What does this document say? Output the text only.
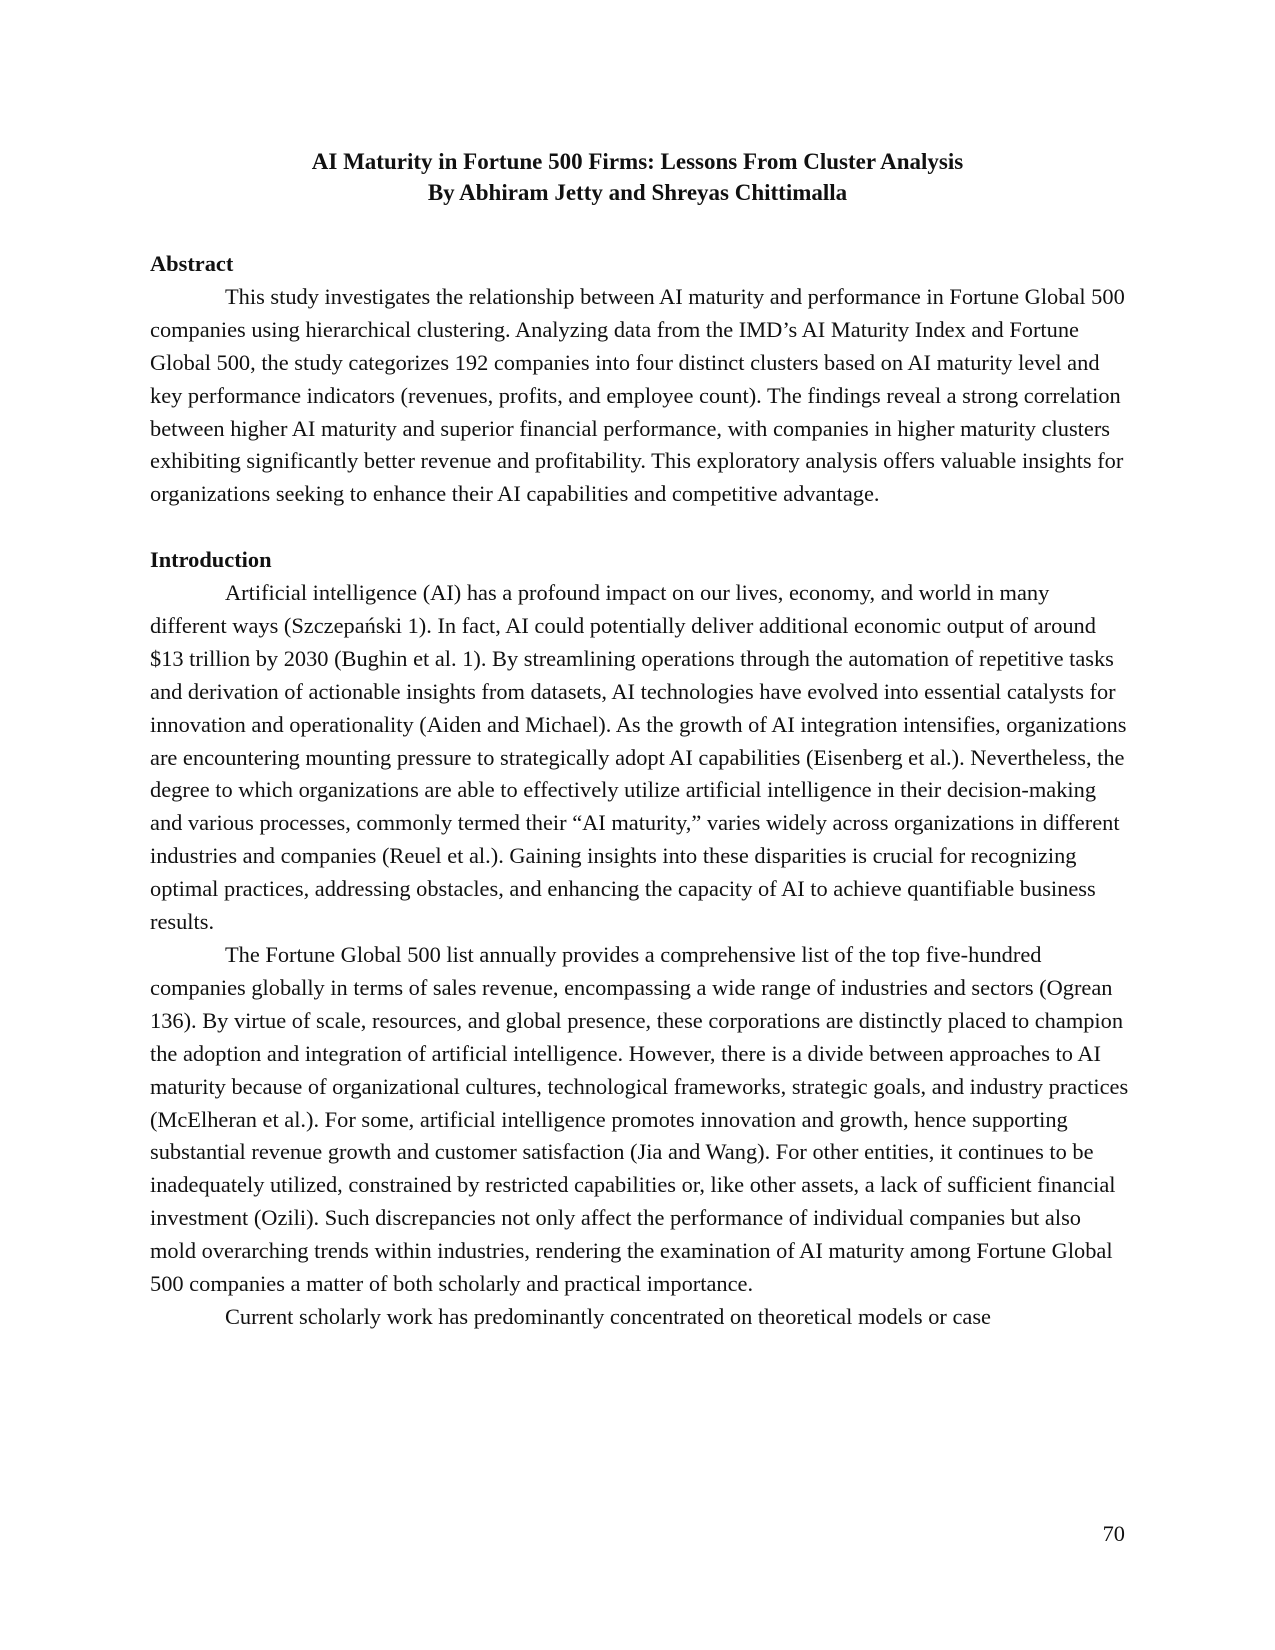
AI Maturity in Fortune 500 Firms: Lessons From Cluster Analysis
By Abhiram Jetty and Shreyas Chittimalla

Abstract

This study investigates the relationship between AI maturity and performance in Fortune Global 500 companies using hierarchical clustering. Analyzing data from the IMD’s AI Maturity Index and Fortune Global 500, the study categorizes 192 companies into four distinct clusters based on AI maturity level and key performance indicators (revenues, profits, and employee count). The findings reveal a strong correlation between higher AI maturity and superior financial performance, with companies in higher maturity clusters exhibiting significantly better revenue and profitability. This exploratory analysis offers valuable insights for organizations seeking to enhance their AI capabilities and competitive advantage.

Introduction

Artificial intelligence (AI) has a profound impact on our lives, economy, and world in many different ways (Szczepański 1). In fact, AI could potentially deliver additional economic output of around $13 trillion by 2030 (Bughin et al. 1). By streamlining operations through the automation of repetitive tasks and derivation of actionable insights from datasets, AI technologies have evolved into essential catalysts for innovation and operationality (Aiden and Michael). As the growth of AI integration intensifies, organizations are encountering mounting pressure to strategically adopt AI capabilities (Eisenberg et al.). Nevertheless, the degree to which organizations are able to effectively utilize artificial intelligence in their decision-making and various processes, commonly termed their “AI maturity,” varies widely across organizations in different industries and companies (Reuel et al.). Gaining insights into these disparities is crucial for recognizing optimal practices, addressing obstacles, and enhancing the capacity of AI to achieve quantifiable business results.

The Fortune Global 500 list annually provides a comprehensive list of the top five-hundred companies globally in terms of sales revenue, encompassing a wide range of industries and sectors (Ogrean 136). By virtue of scale, resources, and global presence, these corporations are distinctly placed to champion the adoption and integration of artificial intelligence. However, there is a divide between approaches to AI maturity because of organizational cultures, technological frameworks, strategic goals, and industry practices (McElheran et al.). For some, artificial intelligence promotes innovation and growth, hence supporting substantial revenue growth and customer satisfaction (Jia and Wang). For other entities, it continues to be inadequately utilized, constrained by restricted capabilities or, like other assets, a lack of sufficient financial investment (Ozili). Such discrepancies not only affect the performance of individual companies but also mold overarching trends within industries, rendering the examination of AI maturity among Fortune Global 500 companies a matter of both scholarly and practical importance.

Current scholarly work has predominantly concentrated on theoretical models or case

70
